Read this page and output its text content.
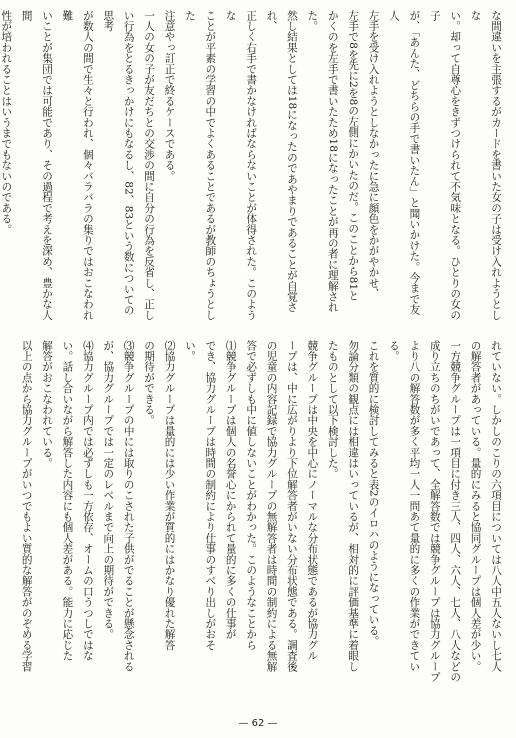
な間違いを主張するがカードを書いた女の子は受け入れようとしな
い。却って自尊心をきずつけられて不気味となる。ひとりの女の子
が、「あんた、どちらの手で書いたん」と聞いかけた。今まで友人
左手を受け入れようとしなかったに急に顔色をかがやかせ、
左手で8を先に2を8の左側にかいたのだ。このことから81と
かくのを左手で書いたため18になったことが再の者に理解された。
然し結果としては18になったのであやまりであることが自覚され、
正しく右手で書かなければならないことが体得された。このような
ことが平素の学習の中でよくあることであるが教師のちょうとした
注意やっ訂正で終るケースである。
一人の女の子が友だちとの交渉の間に自分の行為を反省し、正し
い行為をとるきっかけにもなるし、82、83という数についての思考
が数人の間で生々と行われ、個々バラバラの集りではおこなわれ難
いことが集団では可能であり、その過程で考えを深め、豊かな人間
性が培われることはいうまでもないのである。
れていない。しかしのこりの六項目については八人中五人ないし七人
の解答者があっている。量的にみると協同グループは個人差が少い。
一方競争グループは一項目に付き三人、四人、六人、七人、八人などの
成り立ちのちがいであって、全解答数では競争グループは協力グループ
より八の解答数が多く平均一人一問あて量的に多くの作業ができてい
る。
これを質的に検討してみると表2のイロハのようになっている。
勿論分類の観点には相違はいっているが、相対的に評価基準に着眼し
たものとして以下検討した。
競争グループは中央を中心にノーマルな分布状態であるが協力グル
ープは、中に広がりより下位解答者がいない分布状態である。調査後
の児童の内容記録で協力グループの無解答者は時間の制約による無解
答で必ずしも中に値しないことがわかった。このようなことから
⑴競争グループは個人の名誉心にかられて量的に多くの仕事が
でき、協力グループは時間の制約により仕事のすべり出しがおそ
い。
⑵協力グループは量的には少い作業が質的にはかなり優れた解答
の期待ができる。
⑶競争グループの中には取りのこされた子供がでることが懸念される
が、協力グループでは一定のレベルまで向上の期待ができる。
⑷協力グループ内では必ずしも一方依存、オームの口うつしではな
い。話し合いながら解答した内容にも個人差がある。能力に応じた
解答がおこなわれている。
以上の点から協力グループがいつでもよい質的な解答がのぞめる学習
— 62 —
